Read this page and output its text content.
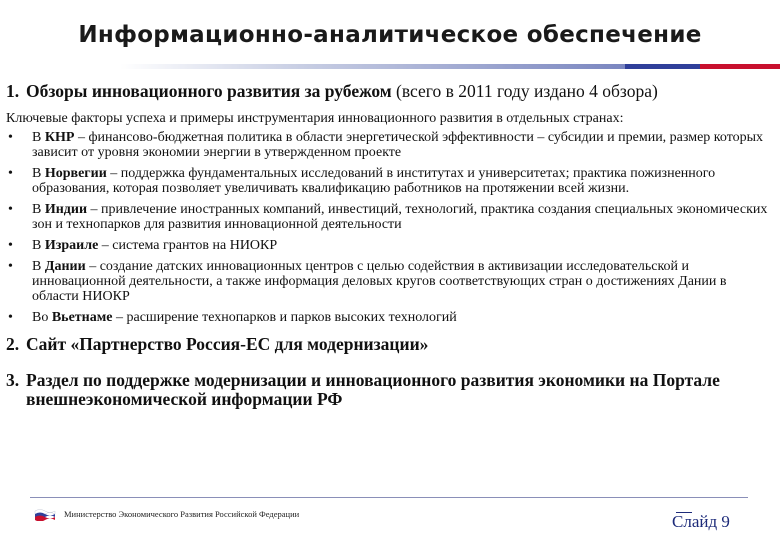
Информационно-аналитическое обеспечение
1. Обзоры инновационного развития за рубежом (всего в 2011 году издано 4 обзора)
Ключевые факторы успеха и примеры инструментария инновационного развития в отдельных странах:
• В КНР – финансово-бюджетная политика в области энергетической эффективности – субсидии и премии, размер которых зависит от уровня экономии энергии в утвержденном проекте
• В Норвегии – поддержка фундаментальных исследований в институтах и университетах; практика пожизненного образования, которая позволяет увеличивать квалификацию работников на протяжении всей жизни.
• В Индии – привлечение иностранных компаний, инвестиций, технологий, практика создания специальных экономических зон и технопарков для развития инновационной деятельности
• В Израиле – система грантов на НИОКР
• В Дании – создание датских инновационных центров с целью содействия в активизации исследовательской и инновационной деятельности, а также информация деловых кругов соответствующих стран о достижениях Дании в области НИОКР
• Во Вьетнаме – расширение технопарков и парков высоких технологий
2. Сайт «Партнерство Россия-ЕС для модернизации»
3. Раздел по поддержке модернизации и инновационного развития экономики на Портале внешнеэкономической информации РФ
Министерство Экономического Развития Российской Федерации	Слайд 9
